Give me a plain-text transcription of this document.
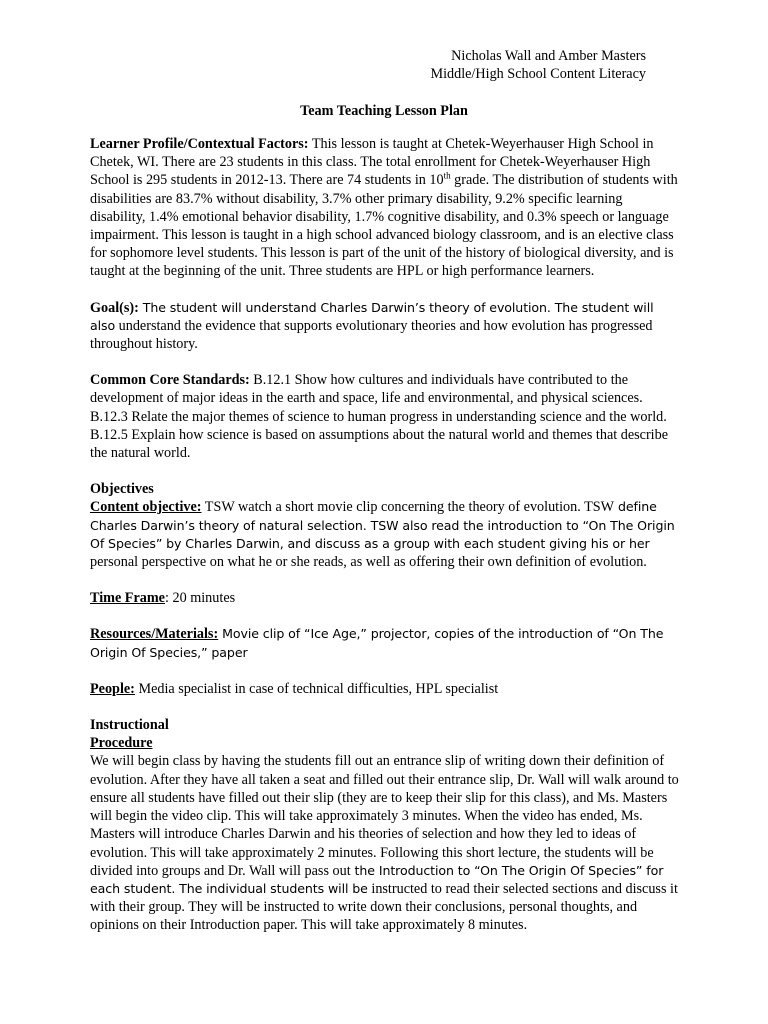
Nicholas Wall and Amber Masters
Middle/High School Content Literacy
Team Teaching Lesson Plan

Learner Profile/Contextual Factors: This lesson is taught at Chetek-Weyerhauser High School in Chetek, WI. There are 23 students in this class. The total enrollment for Chetek-Weyerhauser High School is 295 students in 2012-13. There are 74 students in 10th grade. The distribution of students with disabilities are 83.7% without disability, 3.7% other primary disability, 9.2% specific learning disability, 1.4% emotional behavior disability, 1.7% cognitive disability, and 0.3% speech or language impairment. This lesson is taught in a high school advanced biology classroom, and is an elective class for sophomore level students. This lesson is part of the unit of the history of biological diversity, and is taught at the beginning of the unit. Three students are HPL or high performance learners.

Goal(s): The student will understand Charles Darwin’s theory of evolution. The student will also understand the evidence that supports evolutionary theories and how evolution has progressed throughout history.

Common Core Standards: B.12.1 Show how cultures and individuals have contributed to the development of major ideas in the earth and space, life and environmental, and physical sciences. B.12.3 Relate the major themes of science to human progress in understanding science and the world. B.12.5 Explain how science is based on assumptions about the natural world and themes that describe the natural world.

Objectives
Content objective: TSW watch a short movie clip concerning the theory of evolution. TSW define Charles Darwin’s theory of natural selection. TSW also read the introduction to “On The Origin Of Species” by Charles Darwin, and discuss as a group with each student giving his or her personal perspective on what he or she reads, as well as offering their own definition of evolution.

Time Frame: 20 minutes

Resources/Materials: Movie clip of “Ice Age,” projector, copies of the introduction of “On The Origin Of Species,” paper

People: Media specialist in case of technical difficulties, HPL specialist

Instructional
Procedure
We will begin class by having the students fill out an entrance slip of writing down their definition of evolution. After they have all taken a seat and filled out their entrance slip, Dr. Wall will walk around to ensure all students have filled out their slip (they are to keep their slip for this class), and Ms. Masters will begin the video clip. This will take approximately 3 minutes. When the video has ended, Ms. Masters will introduce Charles Darwin and his theories of selection and how they led to ideas of evolution. This will take approximately 2 minutes. Following this short lecture, the students will be divided into groups and Dr. Wall will pass out the Introduction to “On The Origin Of Species” for each student. The individual students will be instructed to read their selected sections and discuss it with their group. They will be instructed to write down their conclusions, personal thoughts, and opinions on their Introduction paper. This will take approximately 8 minutes.
